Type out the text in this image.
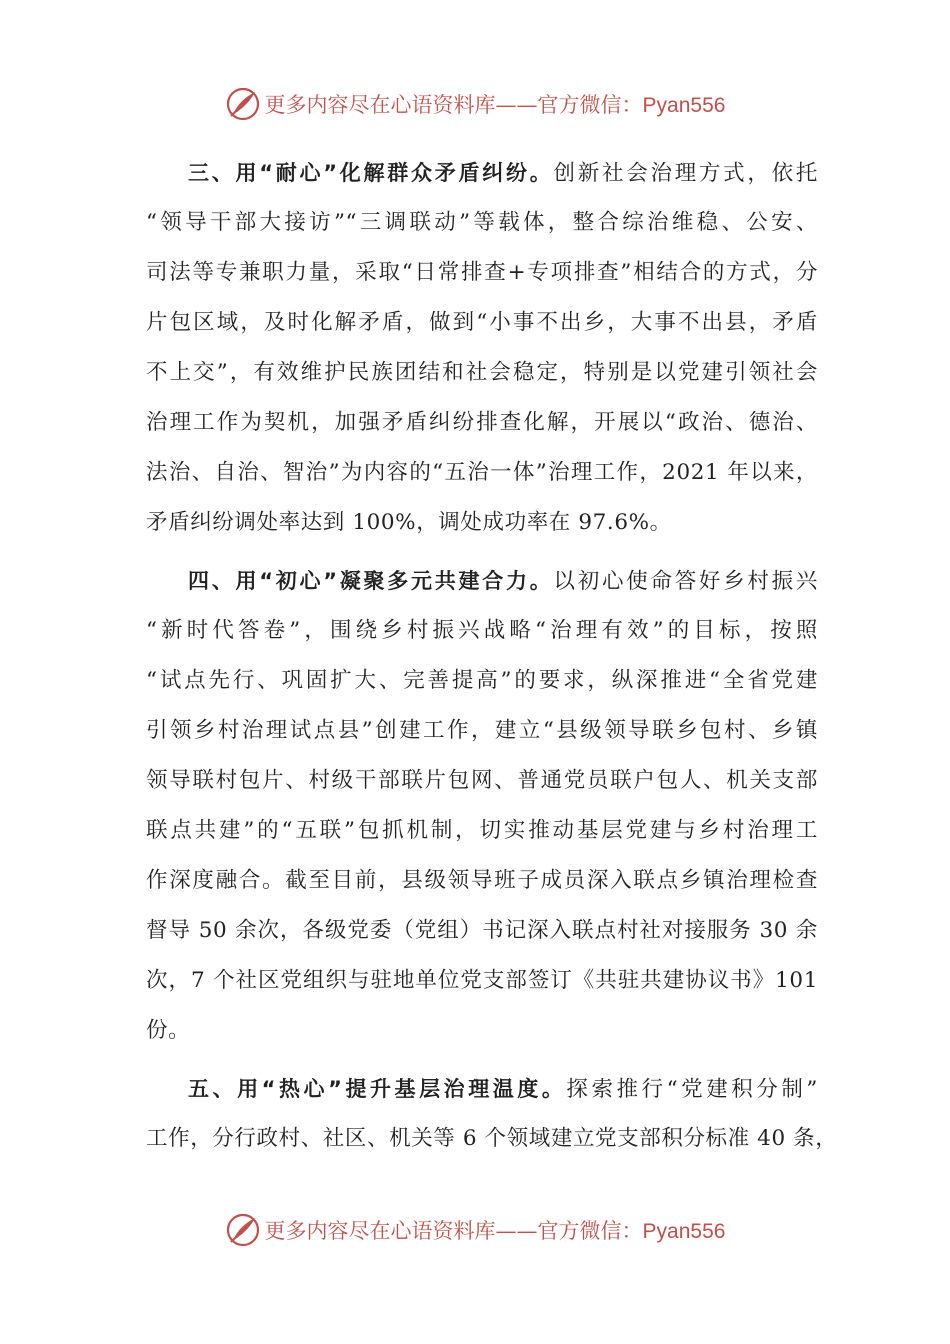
更多内容尽在心语资料库——官方微信：Pyan556
三、用“耐心”化解群众矛盾纠纷。创新社会治理方式，依托
“领导干部大接访”“三调联动”等载体，整合综治维稳、公安、
司法等专兼职力量，采取“日常排查+专项排查”相结合的方式，分
片包区域，及时化解矛盾，做到“小事不出乡，大事不出县，矛盾
不上交”，有效维护民族团结和社会稳定，特别是以党建引领社会
治理工作为契机，加强矛盾纠纷排查化解，开展以“政治、德治、
法治、自治、智治”为内容的“五治一体”治理工作，2021 年以来，
矛盾纠纷调处率达到 100%，调处成功率在 97.6%。
四、用“初心”凝聚多元共建合力。以初心使命答好乡村振兴
“新时代答卷”，围绕乡村振兴战略“治理有效”的目标，按照
“试点先行、巩固扩大、完善提高”的要求，纵深推进“全省党建
引领乡村治理试点县”创建工作，建立“县级领导联乡包村、乡镇
领导联村包片、村级干部联片包网、普通党员联户包人、机关支部
联点共建”的“五联”包抓机制，切实推动基层党建与乡村治理工
作深度融合。截至目前，县级领导班子成员深入联点乡镇治理检查
督导 50 余次，各级党委（党组）书记深入联点村社对接服务 30 余
次，7 个社区党组织与驻地单位党支部签订《共驻共建协议书》101
份。
五、用“热心”提升基层治理温度。探索推行“党建积分制”
工作，分行政村、社区、机关等 6 个领域建立党支部积分标准 40 条，
更多内容尽在心语资料库——官方微信：Pyan556
